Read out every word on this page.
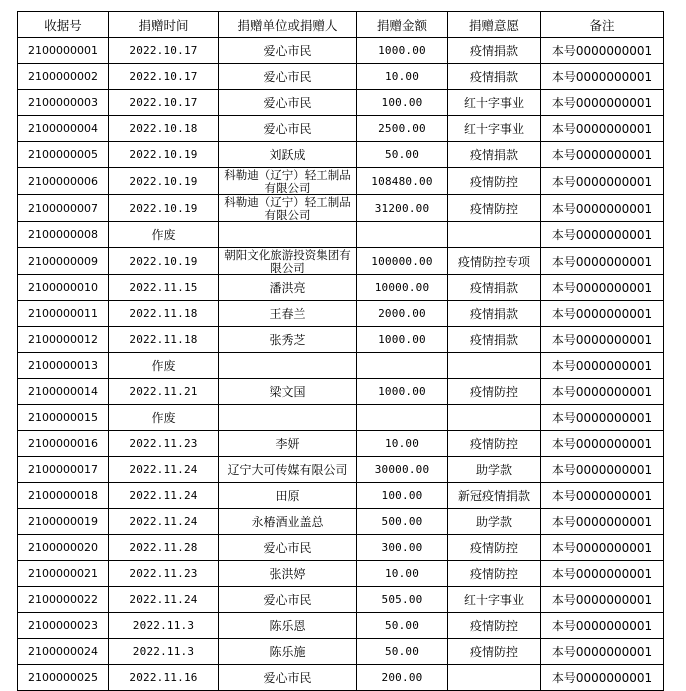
收据号	捐赠时间	捐赠单位或捐赠人	捐赠金额	捐赠意愿	备注
2100000001	2022.10.17	爱心市民	1000.00	疫情捐款	本号0000000001
2100000002	2022.10.17	爱心市民	10.00	疫情捐款	本号0000000001
2100000003	2022.10.17	爱心市民	100.00	红十字事业	本号0000000001
2100000004	2022.10.18	爱心市民	2500.00	红十字事业	本号0000000001
2100000005	2022.10.19	刘跃成	50.00	疫情捐款	本号0000000001
2100000006	2022.10.19	科勒迪（辽宁）轻工制品有限公司	108480.00	疫情防控	本号0000000001
2100000007	2022.10.19	科勒迪（辽宁）轻工制品有限公司	31200.00	疫情防控	本号0000000001
2100000008	作废				本号0000000001
2100000009	2022.10.19	朝阳文化旅游投资集团有限公司	100000.00	疫情防控专项	本号0000000001
2100000010	2022.11.15	潘洪亮	10000.00	疫情捐款	本号0000000001
2100000011	2022.11.18	王春兰	2000.00	疫情捐款	本号0000000001
2100000012	2022.11.18	张秀芝	1000.00	疫情捐款	本号0000000001
2100000013	作废				本号0000000001
2100000014	2022.11.21	梁文国	1000.00	疫情防控	本号0000000001
2100000015	作废				本号0000000001
2100000016	2022.11.23	李妍	10.00	疫情防控	本号0000000001
2100000017	2022.11.24	辽宁大可传媒有限公司	30000.00	助学款	本号0000000001
2100000018	2022.11.24	田原	100.00	新冠疫情捐款	本号0000000001
2100000019	2022.11.24	永椿酒业盖总	500.00	助学款	本号0000000001
2100000020	2022.11.28	爱心市民	300.00	疫情防控	本号0000000001
2100000021	2022.11.23	张洪婷	10.00	疫情防控	本号0000000001
2100000022	2022.11.24	爱心市民	505.00	红十字事业	本号0000000001
2100000023	2022.11.3	陈乐恩	50.00	疫情防控	本号0000000001
2100000024	2022.11.3	陈乐施	50.00	疫情防控	本号0000000001
2100000025	2022.11.16	爱心市民	200.00		本号0000000001
